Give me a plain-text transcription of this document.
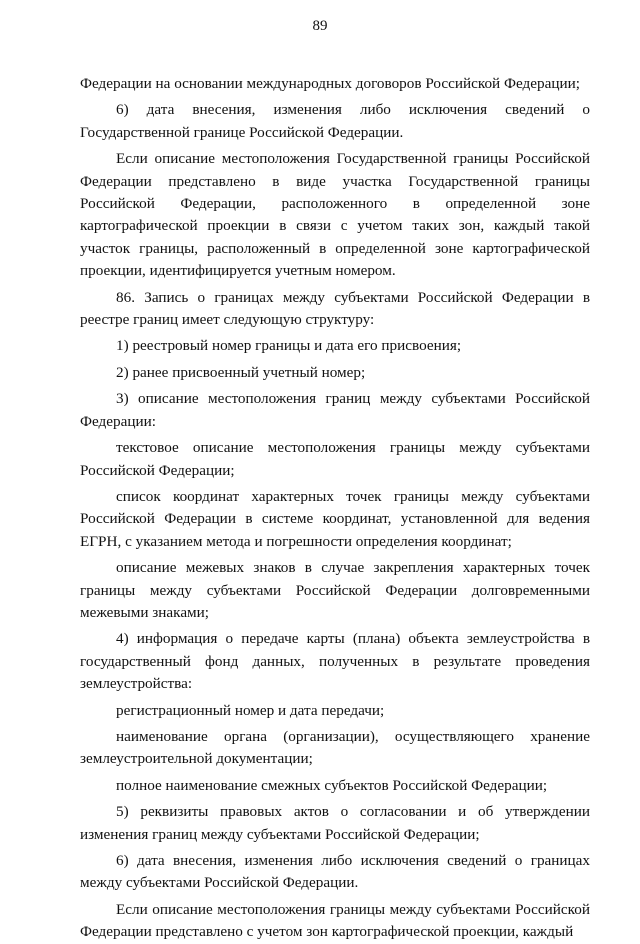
89

Федерации на основании международных договоров Российской Федерации;

6) дата внесения, изменения либо исключения сведений о Государственной границе Российской Федерации.

Если описание местоположения Государственной границы Российской Федерации представлено в виде участка Государственной границы Российской Федерации, расположенного в определенной зоне картографической проекции в связи с учетом таких зон, каждый такой участок границы, расположенный в определенной зоне картографической проекции, идентифицируется учетным номером.

86. Запись о границах между субъектами Российской Федерации в реестре границ имеет следующую структуру:

1) реестровый номер границы и дата его присвоения;

2) ранее присвоенный учетный номер;

3) описание местоположения границ между субъектами Российской Федерации:

текстовое описание местоположения границы между субъектами Российской Федерации;

список координат характерных точек границы между субъектами Российской Федерации в системе координат, установленной для ведения ЕГРН, с указанием метода и погрешности определения координат;

описание межевых знаков в случае закрепления характерных точек границы между субъектами Российской Федерации долговременными межевыми знаками;

4) информация о передаче карты (плана) объекта землеустройства в государственный фонд данных, полученных в результате проведения землеустройства:

регистрационный номер и дата передачи;

наименование органа (организации), осуществляющего хранение землеустроительной документации;

полное наименование смежных субъектов Российской Федерации;

5) реквизиты правовых актов о согласовании и об утверждении изменения границ между субъектами Российской Федерации;

6) дата внесения, изменения либо исключения сведений о границах между субъектами Российской Федерации.

Если описание местоположения границы между субъектами Российской Федерации представлено с учетом зон картографической проекции, каждый
